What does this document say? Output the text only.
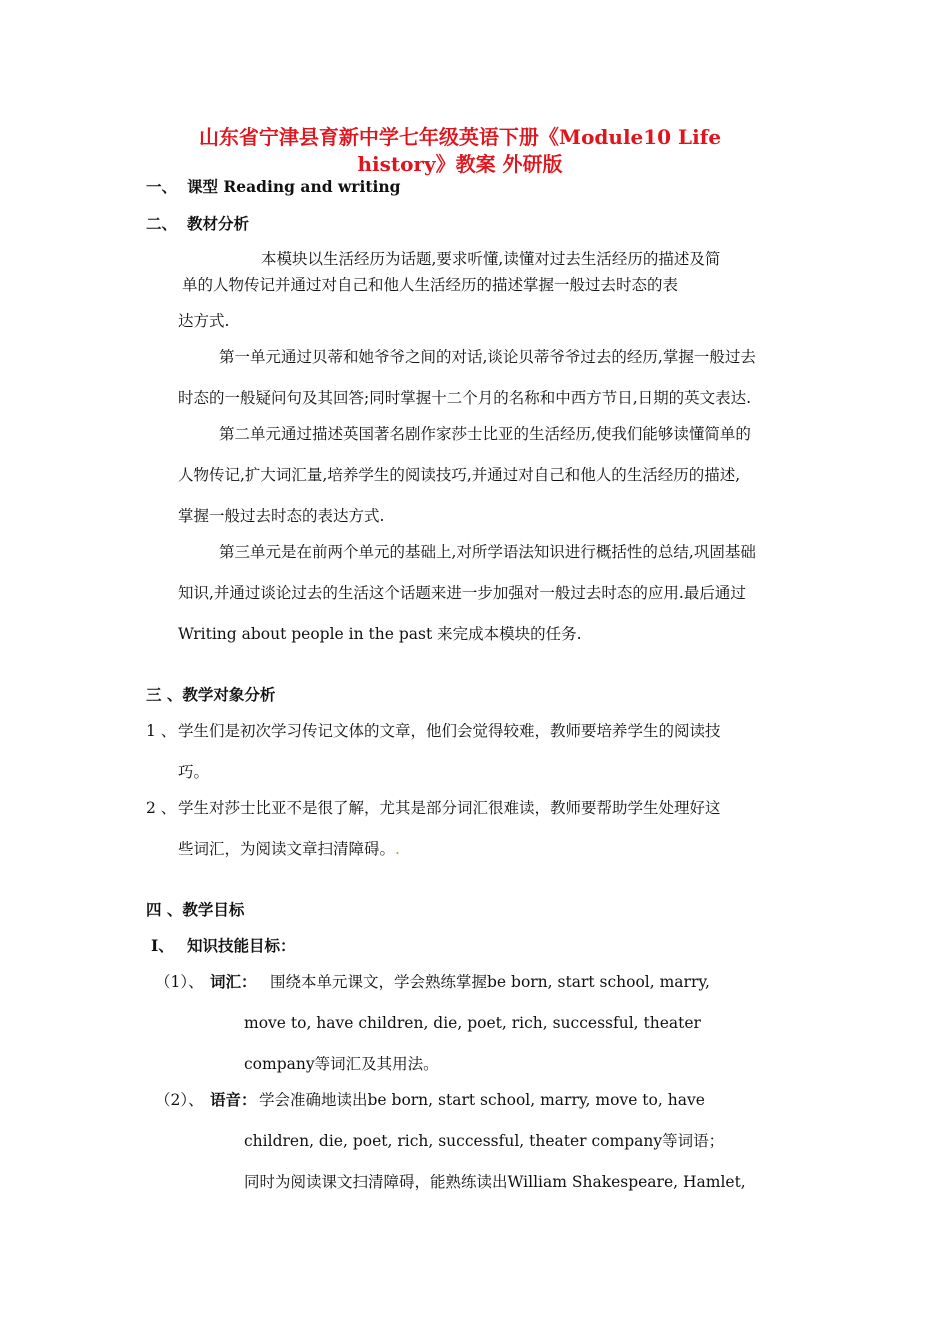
山东省宁津县育新中学七年级英语下册《Module10 Life
history》教案 外研版
一、 课型 Reading and writing
二、 教材分析
本模块以生活经历为话题,要求听懂,读懂对过去生活经历的描述及简
单的人物传记并通过对自己和他人生活经历的描述掌握一般过去时态的表
达方式.
第一单元通过贝蒂和她爷爷之间的对话,谈论贝蒂爷爷过去的经历,掌握一般过去
时态的一般疑问句及其回答;同时掌握十二个月的名称和中西方节日,日期的英文表达.
第二单元通过描述英国著名剧作家莎士比亚的生活经历,使我们能够读懂简单的
人物传记,扩大词汇量,培养学生的阅读技巧,并通过对自己和他人的生活经历的描述,
掌握一般过去时态的表达方式.
第三单元是在前两个单元的基础上,对所学语法知识进行概括性的总结,巩固基础
知识,并通过谈论过去的生活这个话题来进一步加强对一般过去时态的应用.最后通过
Writing about people in the past 来完成本模块的任务.
三 、教学对象分析
1 、 学生们是初次学习传记文体的文章，他们会觉得较难，教师要培养学生的阅读技
巧。
2 、 学生对莎士比亚不是很了解，尤其是部分词汇很难读，教师要帮助学生处理好这
些词汇，为阅读文章扫清障碍。.
四 、教学目标
I、 知识技能目标：
（1）、 词汇： 围绕本单元课文，学会熟练掌握be born, start school, marry,
move to, have children, die, poet, rich, successful, theater
company等词汇及其用法。
（2）、 语音： 学会准确地读出be born, start school, marry, move to, have
children, die, poet, rich, successful, theater company等词语；
同时为阅读课文扫清障碍，能熟练读出William Shakespeare, Hamlet,
